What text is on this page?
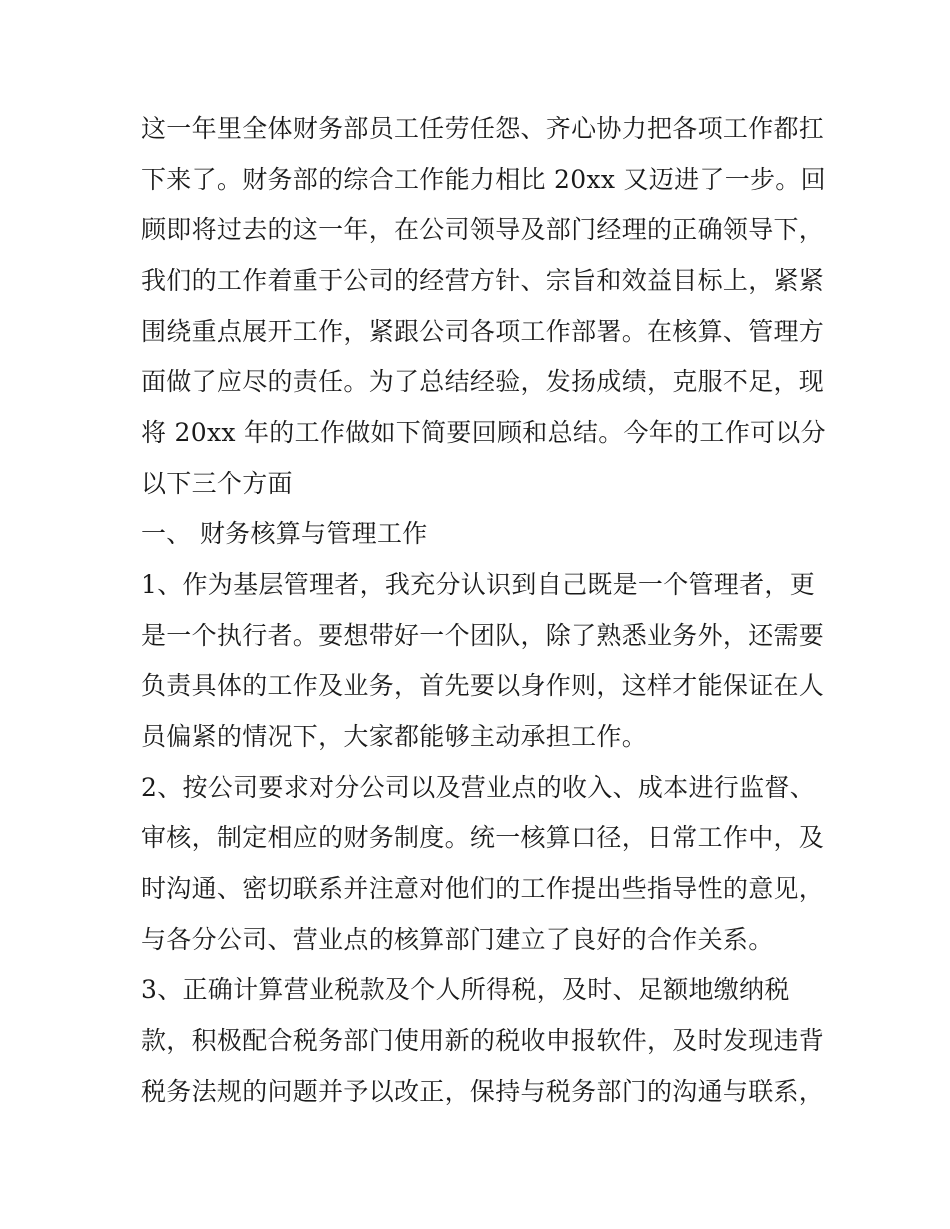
这一年里全体财务部员工任劳任怨、齐心协力把各项工作都扛

下来了。财务部的综合工作能力相比 20xx 又迈进了一步。回

顾即将过去的这一年，在公司领导及部门经理的正确领导下，

我们的工作着重于公司的经营方针、宗旨和效益目标上，紧紧

围绕重点展开工作，紧跟公司各项工作部署。在核算、管理方

面做了应尽的责任。为了总结经验，发扬成绩，克服不足，现

将 20xx 年的工作做如下简要回顾和总结。今年的工作可以分

以下三个方面

一、 财务核算与管理工作

1、作为基层管理者，我充分认识到自己既是一个管理者，更

是一个执行者。要想带好一个团队，除了熟悉业务外，还需要

负责具体的工作及业务，首先要以身作则，这样才能保证在人

员偏紧的情况下，大家都能够主动承担工作。

2、按公司要求对分公司以及营业点的收入、成本进行监督、

审核，制定相应的财务制度。统一核算口径，日常工作中，及

时沟通、密切联系并注意对他们的工作提出些指导性的意见，

与各分公司、营业点的核算部门建立了良好的合作关系。

3、正确计算营业税款及个人所得税，及时、足额地缴纳税

款，积极配合税务部门使用新的税收申报软件，及时发现违背

税务法规的问题并予以改正，保持与税务部门的沟通与联系，
